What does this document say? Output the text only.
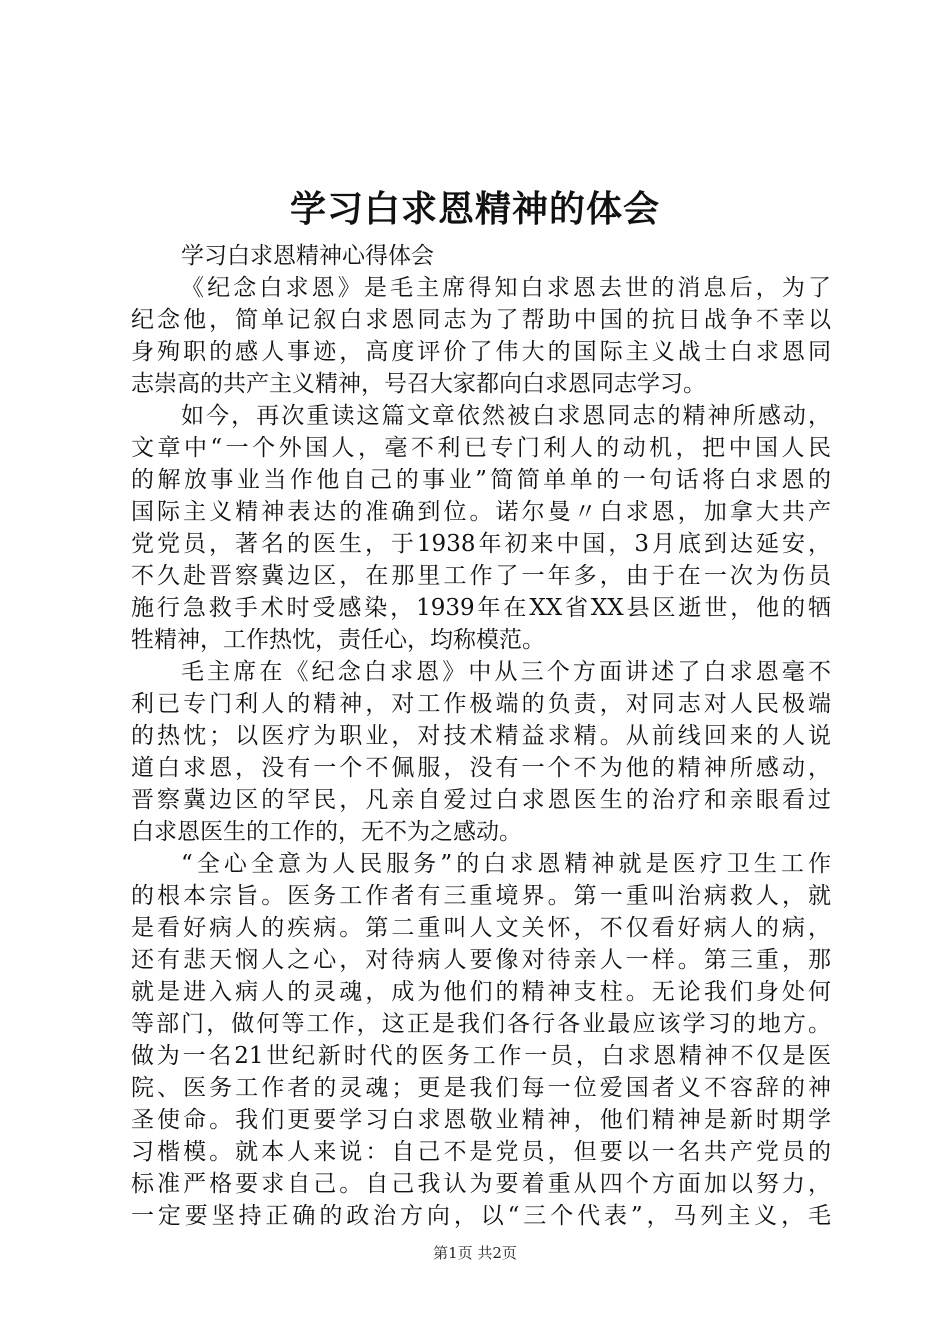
学习白求恩精神的体会
学习白求恩精神心得体会
《纪念白求恩》是毛主席得知白求恩去世的消息后，为了
纪念他，简单记叙白求恩同志为了帮助中国的抗日战争不幸以
身殉职的感人事迹，高度评价了伟大的国际主义战士白求恩同
志崇高的共产主义精神，号召大家都向白求恩同志学习。
如今，再次重读这篇文章依然被白求恩同志的精神所感动，
文章中“一个外国人，毫不利已专门利人的动机，把中国人民
的解放事业当作他自己的事业”简简单单的一句话将白求恩的
国际主义精神表达的准确到位。诺尔曼〃白求恩，加拿大共产
党党员，著名的医生，于1938年初来中国，3月底到达延安，
不久赴晋察冀边区，在那里工作了一年多，由于在一次为伤员
施行急救手术时受感染，1939年在XX省XX县区逝世，他的牺
牲精神，工作热忱，责任心，均称模范。
毛主席在《纪念白求恩》中从三个方面讲述了白求恩毫不
利已专门利人的精神，对工作极端的负责，对同志对人民极端
的热忱；以医疗为职业，对技术精益求精。从前线回来的人说
道白求恩，没有一个不佩服，没有一个不为他的精神所感动，
晋察冀边区的罕民，凡亲自爱过白求恩医生的治疗和亲眼看过
白求恩医生的工作的，无不为之感动。
“全心全意为人民服务”的白求恩精神就是医疗卫生工作
的根本宗旨。医务工作者有三重境界。第一重叫治病救人，就
是看好病人的疾病。第二重叫人文关怀，不仅看好病人的病，
还有悲天悯人之心，对待病人要像对待亲人一样。第三重，那
就是进入病人的灵魂，成为他们的精神支柱。无论我们身处何
等部门，做何等工作，这正是我们各行各业最应该学习的地方。
做为一名21世纪新时代的医务工作一员，白求恩精神不仅是医
院、医务工作者的灵魂；更是我们每一位爱国者义不容辞的神
圣使命。我们更要学习白求恩敬业精神，他们精神是新时期学
习楷模。就本人来说：自己不是党员，但要以一名共产党员的
标准严格要求自己。自己我认为要着重从四个方面加以努力，
一定要坚持正确的政治方向，以“三个代表”，马列主义，毛
第1页 共2页
